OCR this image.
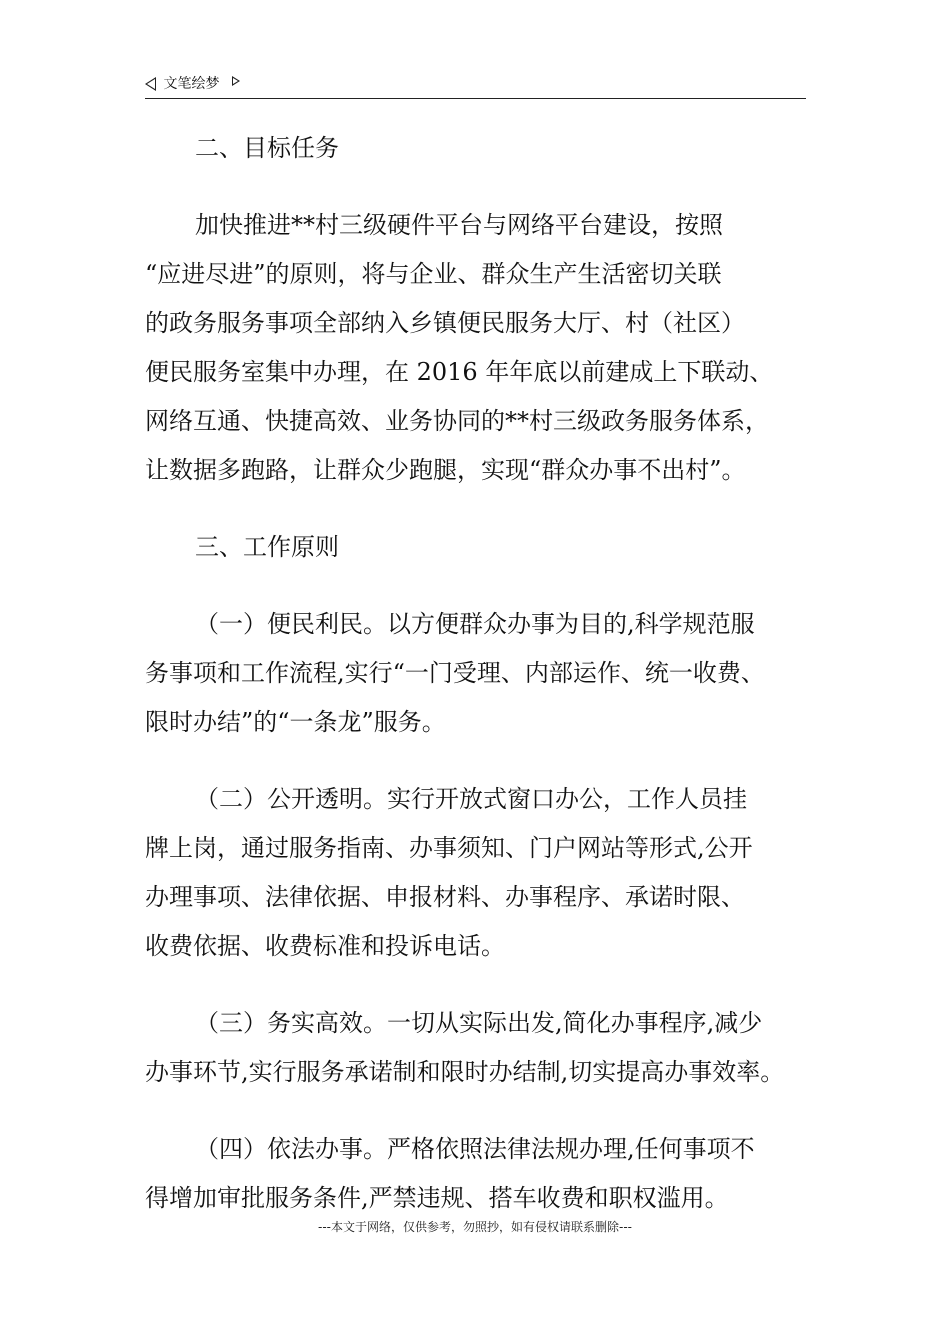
文笔绘梦
二、目标任务

加快推进**村三级硬件平台与网络平台建设，按照
“应进尽进”的原则，将与企业、群众生产生活密切关联
的政务服务事项全部纳入乡镇便民服务大厅、村（社区）
便民服务室集中办理，在 2016 年年底以前建成上下联动、
网络互通、快捷高效、业务协同的**村三级政务服务体系，
让数据多跑路，让群众少跑腿，实现“群众办事不出村”。

三、工作原则

（一）便民利民。以方便群众办事为目的,科学规范服
务事项和工作流程,实行“一门受理、内部运作、统一收费、
限时办结”的“一条龙”服务。

（二）公开透明。实行开放式窗口办公，工作人员挂
牌上岗，通过服务指南、办事须知、门户网站等形式,公开
办理事项、法律依据、申报材料、办事程序、承诺时限、
收费依据、收费标准和投诉电话。

（三）务实高效。一切从实际出发,简化办事程序,减少
办事环节,实行服务承诺制和限时办结制,切实提高办事效率。

（四）依法办事。严格依照法律法规办理,任何事项不
得增加审批服务条件,严禁违规、搭车收费和职权滥用。

---本文于网络，仅供参考，勿照抄，如有侵权请联系删除---
